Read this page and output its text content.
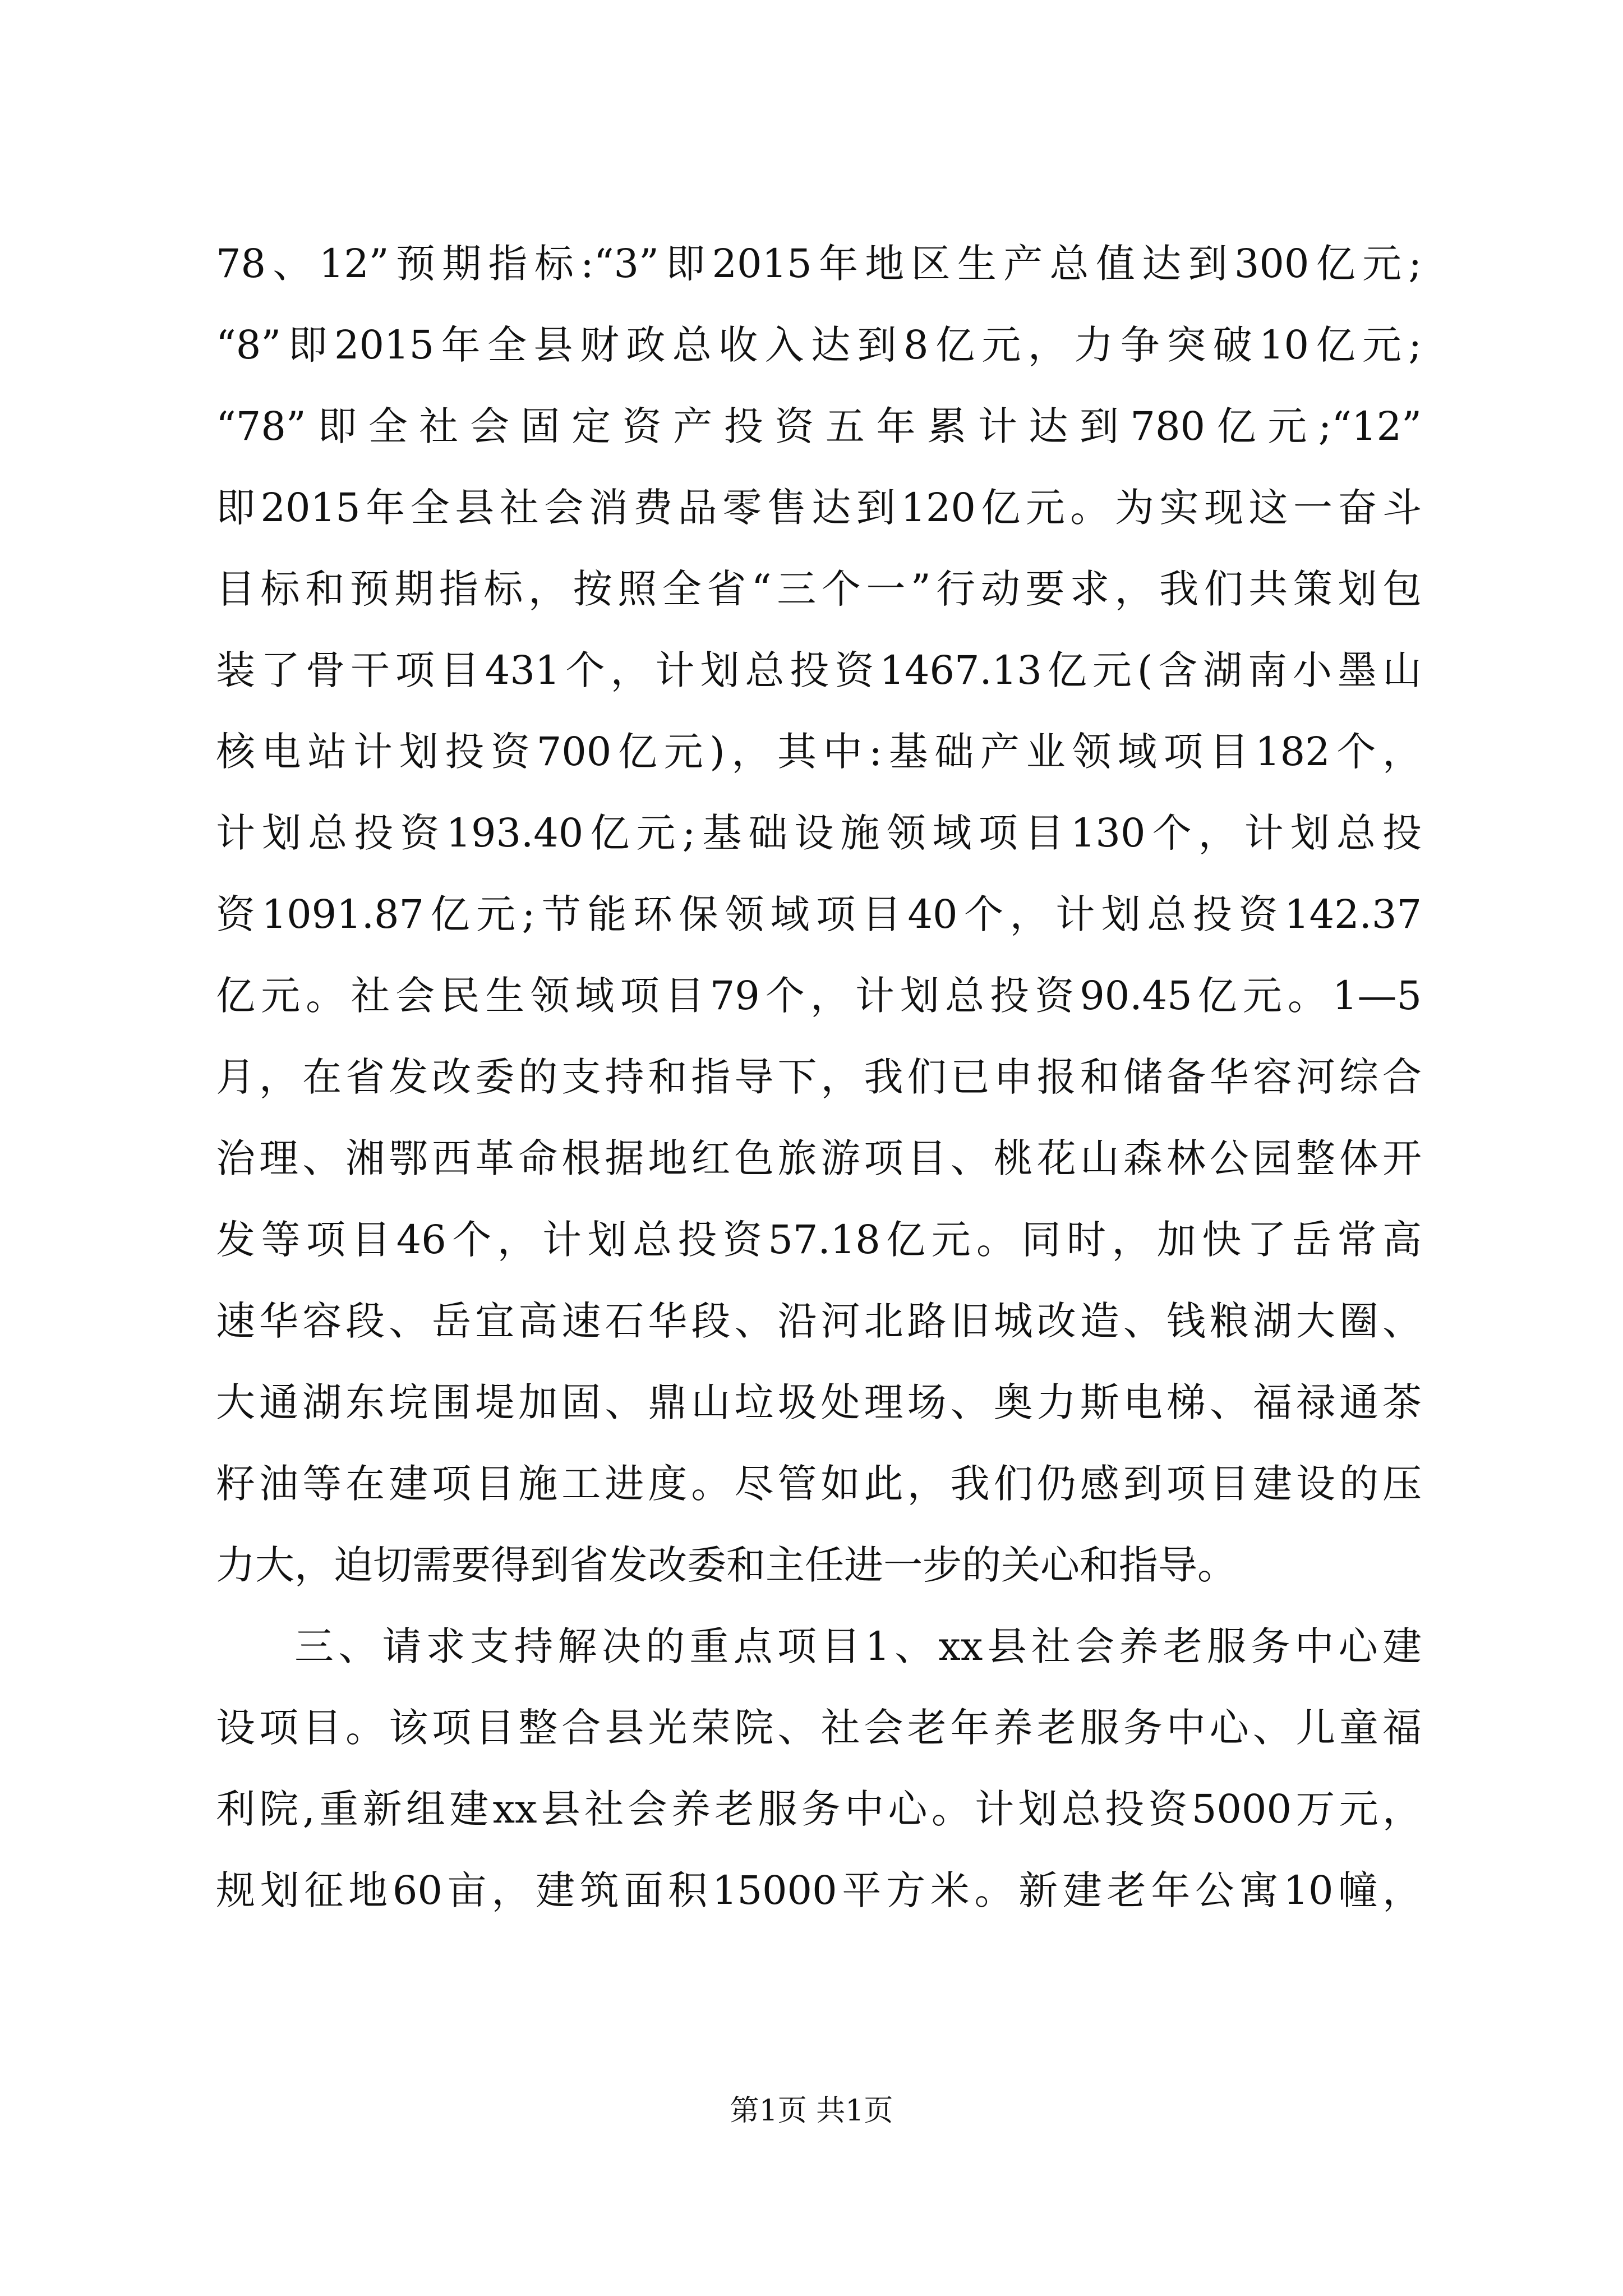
78、12”预期指标:“3”即2015年地区生产总值达到300亿元;
“8”即2015年全县财政总收入达到8亿元，力争突破10亿元;
“78”即全社会固定资产投资五年累计达到780亿元;“12”
即2015年全县社会消费品零售达到120亿元。为实现这一奋斗
目标和预期指标，按照全省“三个一”行动要求，我们共策划包
装了骨干项目431个，计划总投资1467.13亿元(含湖南小墨山
核电站计划投资700亿元)，其中:基础产业领域项目182个，
计划总投资193.40亿元;基础设施领域项目130个，计划总投
资1091.87亿元;节能环保领域项目40个，计划总投资142.37
亿元。社会民生领域项目79个，计划总投资90.45亿元。1—5
月，在省发改委的支持和指导下，我们已申报和储备华容河综合
治理、湘鄂西革命根据地红色旅游项目、桃花山森林公园整体开
发等项目46个，计划总投资57.18亿元。同时，加快了岳常高
速华容段、岳宜高速石华段、沿河北路旧城改造、钱粮湖大圈、
大通湖东垸围堤加固、鼎山垃圾处理场、奥力斯电梯、福禄通茶
籽油等在建项目施工进度。尽管如此，我们仍感到项目建设的压
力大，迫切需要得到省发改委和主任进一步的关心和指导。
三、请求支持解决的重点项目1、xx县社会养老服务中心建
设项目。该项目整合县光荣院、社会老年养老服务中心、儿童福
利院,重新组建xx县社会养老服务中心。计划总投资5000万元，
规划征地60亩，建筑面积15000平方米。新建老年公寓10幢，
第1页 共1页
